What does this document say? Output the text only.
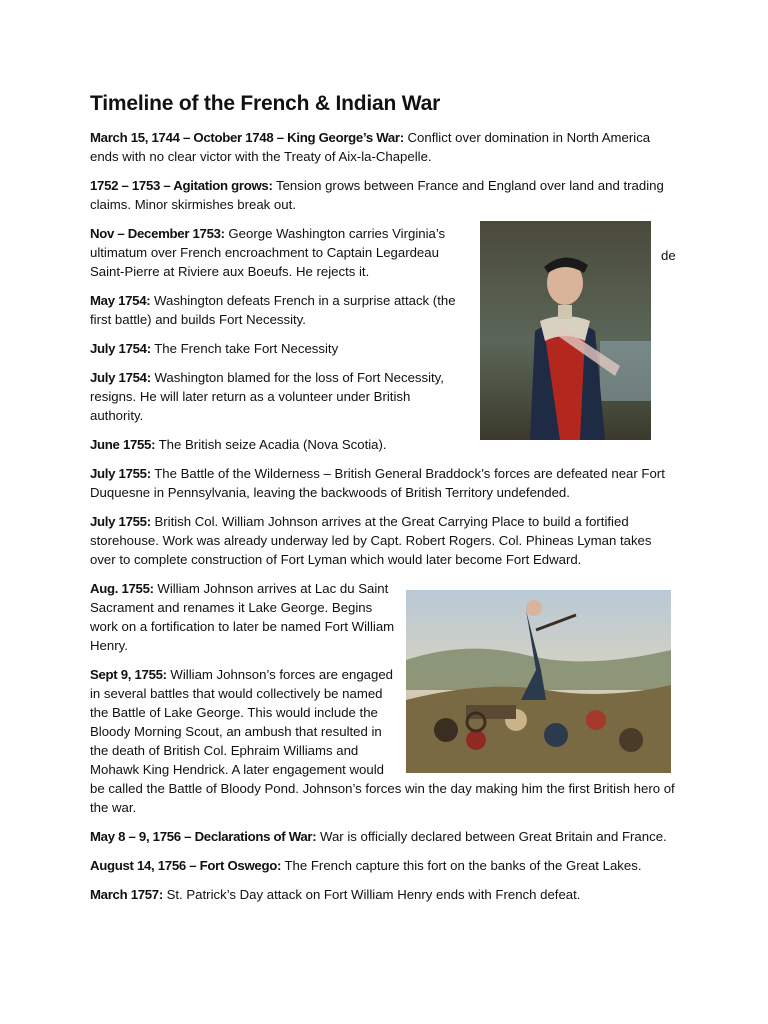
Timeline of the French & Indian War

March 15, 1744 – October 1748 – King George’s War: Conflict over domination in North America ends with no clear victor with the Treaty of Aix-la-Chapelle.

1752 – 1753 – Agitation grows: Tension grows between France and England over land and trading claims. Minor skirmishes break out.

Nov – December 1753: George Washington carries Virginia’s ultimatum over French encroachment to Captain Legardeau Saint-Pierre at Riviere aux Boeufs. He rejects it.

de

May 1754: Washington defeats French in a surprise attack (the first battle) and builds Fort Necessity.

July 1754: The French take Fort Necessity

July 1754: Washington blamed for the loss of Fort Necessity, resigns. He will later return as a volunteer under British authority.

June 1755: The British seize Acadia (Nova Scotia).

July 1755: The Battle of the Wilderness – British General Braddock’s forces are defeated near Fort Duquesne in Pennsylvania, leaving the backwoods of British Territory undefended.

July 1755: British Col. William Johnson arrives at the Great Carrying Place to build a fortified storehouse. Work was already underway led by Capt. Robert Rogers. Col. Phineas Lyman takes over to complete construction of Fort Lyman which would later become Fort Edward.

Aug. 1755: William Johnson arrives at Lac du Saint Sacrament and renames it Lake George. Begins work on a fortification to later be named Fort William Henry.

Sept 9, 1755: William Johnson’s forces are engaged in several battles that would collectively be named the Battle of Lake George. This would include the Bloody Morning Scout, an ambush that resulted in the death of British Col. Ephraim Williams and Mohawk King Hendrick. A later engagement would be called the Battle of Bloody Pond. Johnson’s forces win the day making him the first British hero of the war.

May 8 – 9, 1756 – Declarations of War: War is officially declared between Great Britain and France.

August 14, 1756 – Fort Oswego: The French capture this fort on the banks of the Great Lakes.

March 1757: St. Patrick’s Day attack on Fort William Henry ends with French defeat.
